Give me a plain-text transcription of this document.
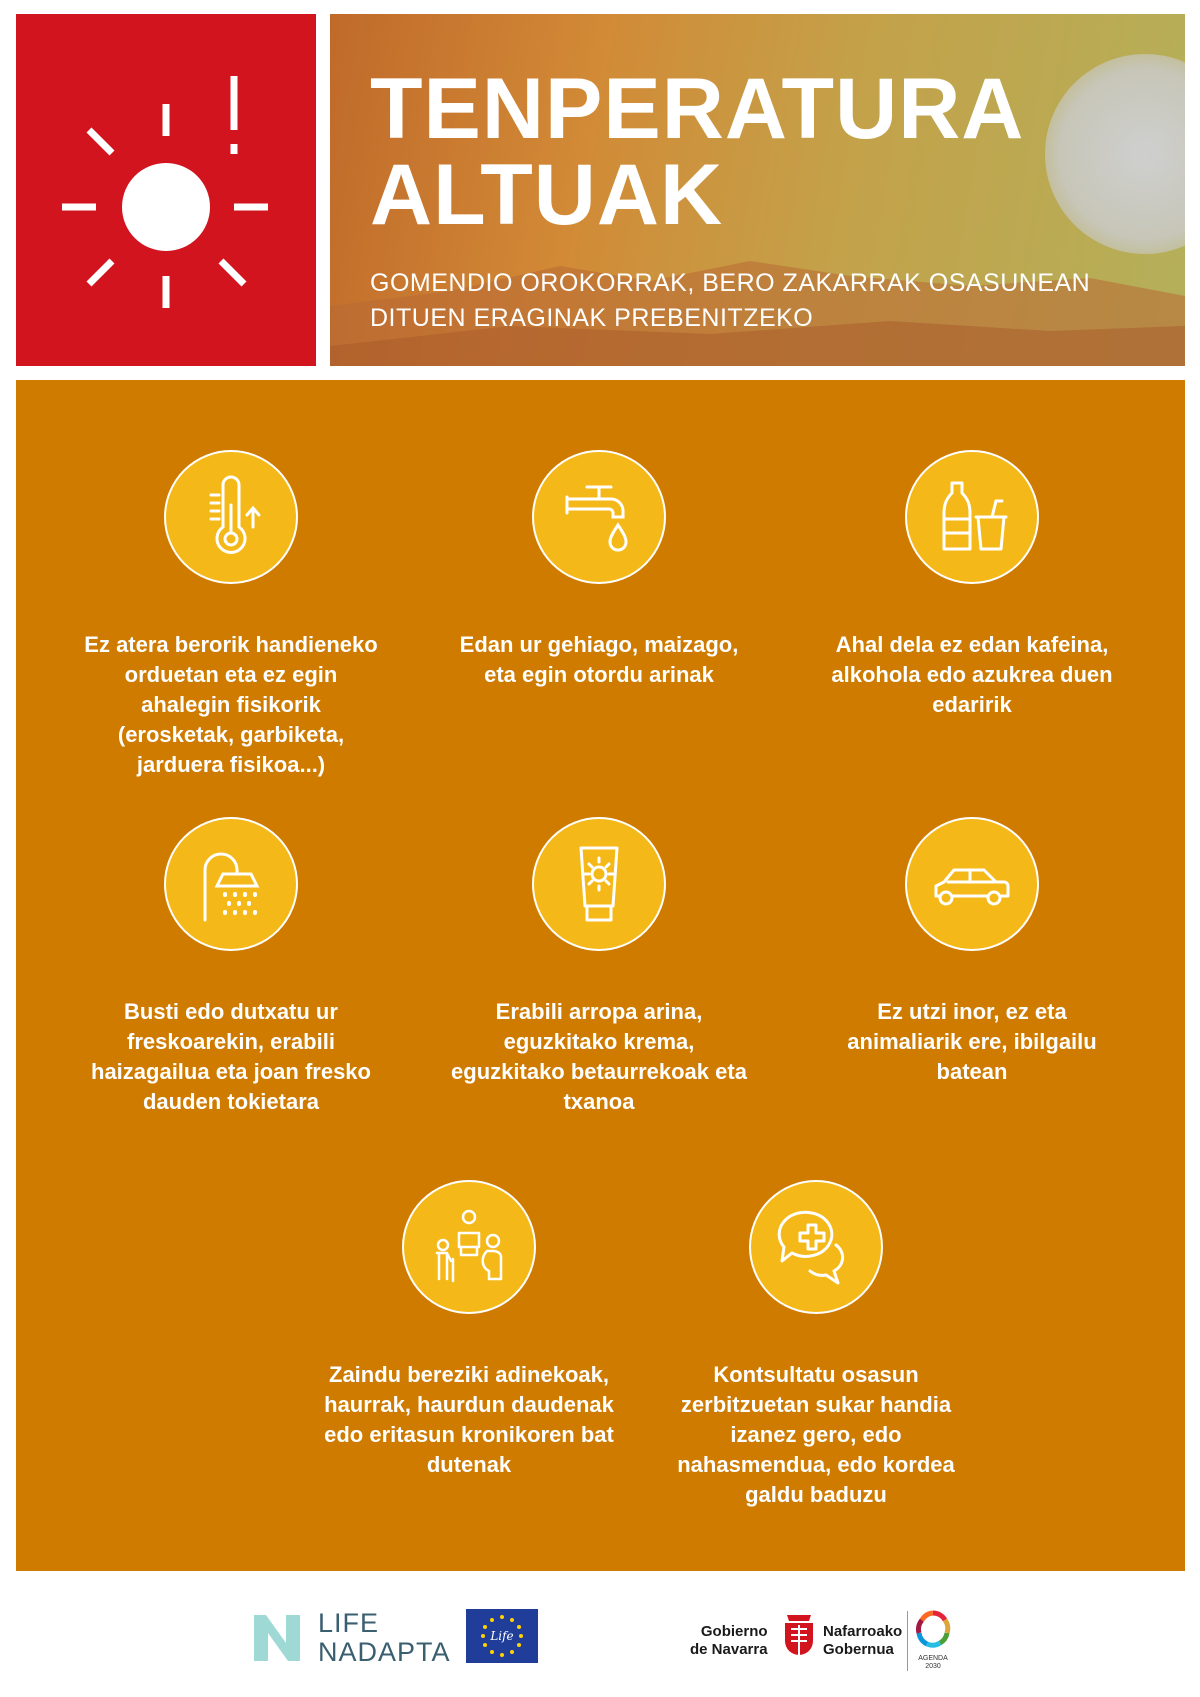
TENPERATURA
ALTUAK
GOMENDIO OROKORRAK, BERO ZAKARRAK OSASUNEAN DITUEN ERAGINAK PREBENITZEKO
Ez atera berorik handieneko orduetan eta ez egin ahalegin fisikorik (erosketak, garbiketa, jarduera fisikoa...)
Edan ur gehiago, maizago,
eta egin otordu arinak
Ahal dela ez edan kafeina, alkohola edo azukrea duen edaririk
Busti edo dutxatu ur freskoarekin, erabili haizagailua eta joan fresko dauden tokietara
Erabili arropa arina, eguzkitako krema, eguzkitako betaurrekoak eta txanoa
Ez utzi inor, ez eta animaliarik ere, ibilgailu batean
Zaindu bereziki adinekoak, haurrak, haurdun daudenak edo eritasun kronikoren bat dutenak
Kontsultatu osasun zerbitzuetan sukar handia izanez gero, edo nahasmendua, edo kordea galdu baduzu
LIFE
NADAPTA
Life	Gobierno
de Navarra
Nafarroako
Gobernua
AGENDA
2030
